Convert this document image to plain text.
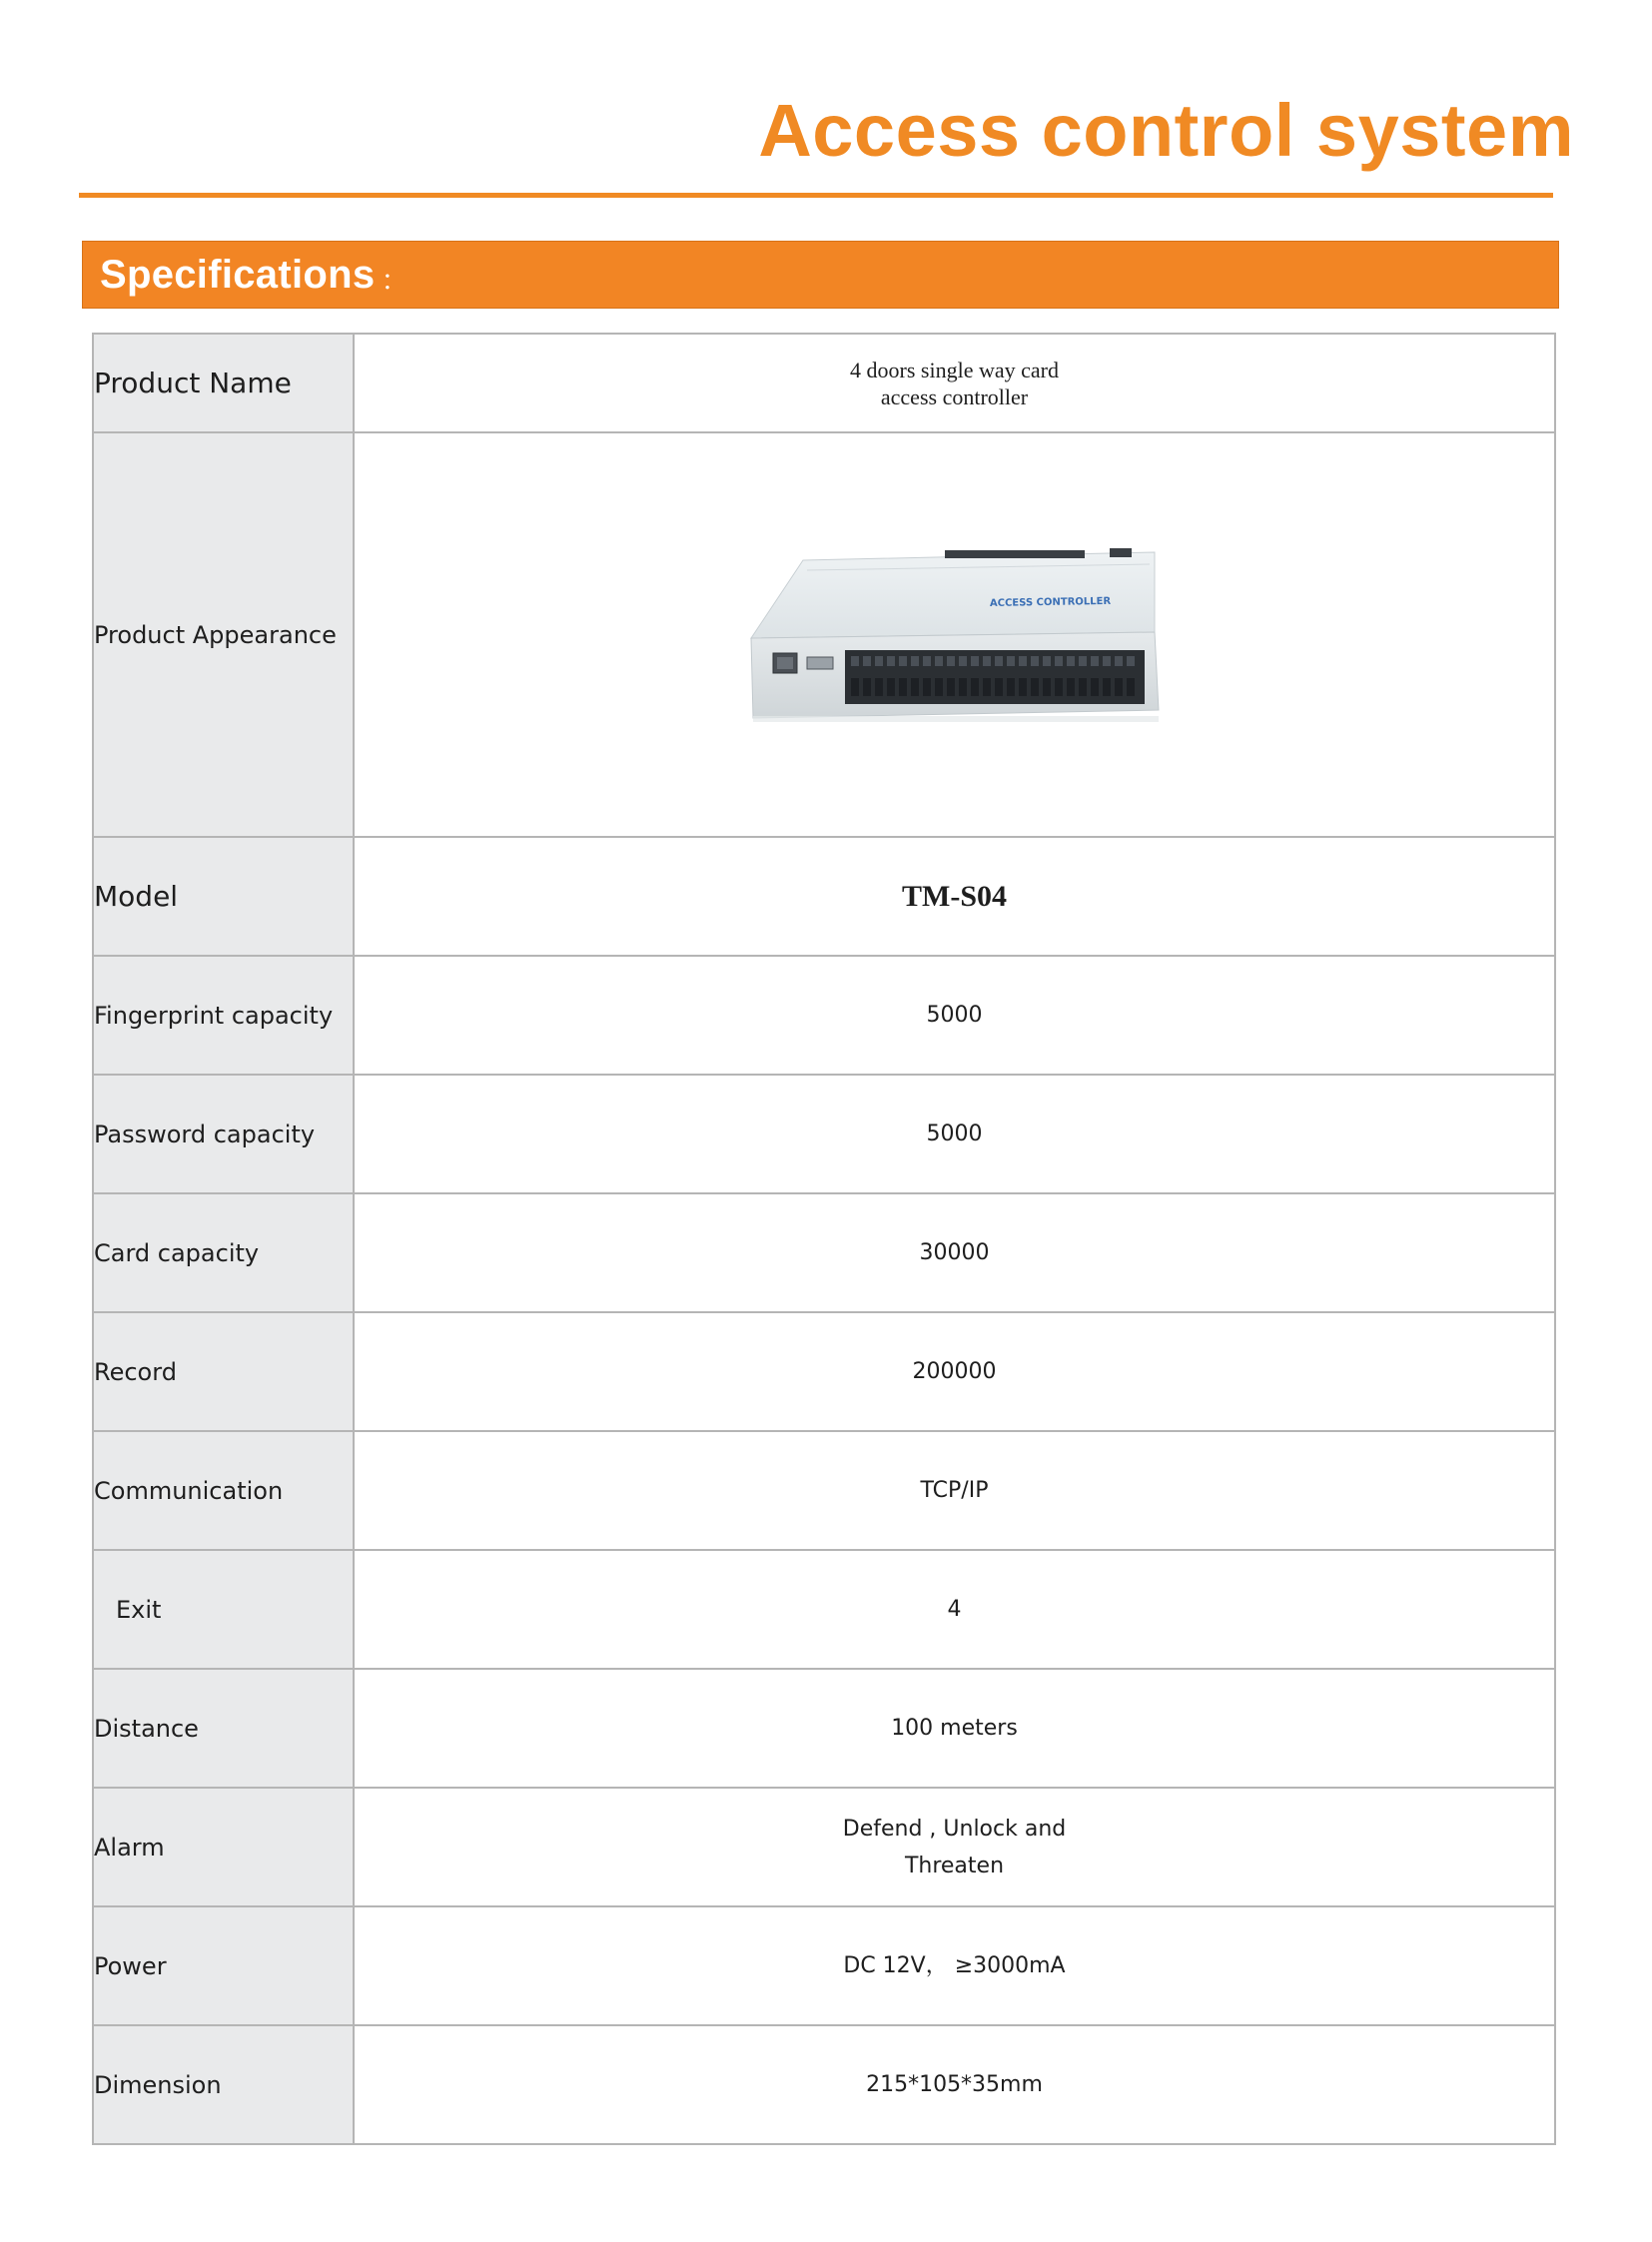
Access control system
Specifications ：
Product Name	4 doors single way card
access controller
Product Appearance	ACCESS CONTROLLER

Model	TM-S04
Fingerprint capacity	5000
Password capacity	5000
Card capacity	30000
Record	200000
Communication	TCP/IP
Exit	4
Distance	100 meters
Alarm	Defend , Unlock and
Threaten
Power	DC 12V， ≥3000mA
Dimension	215*105*35mm
